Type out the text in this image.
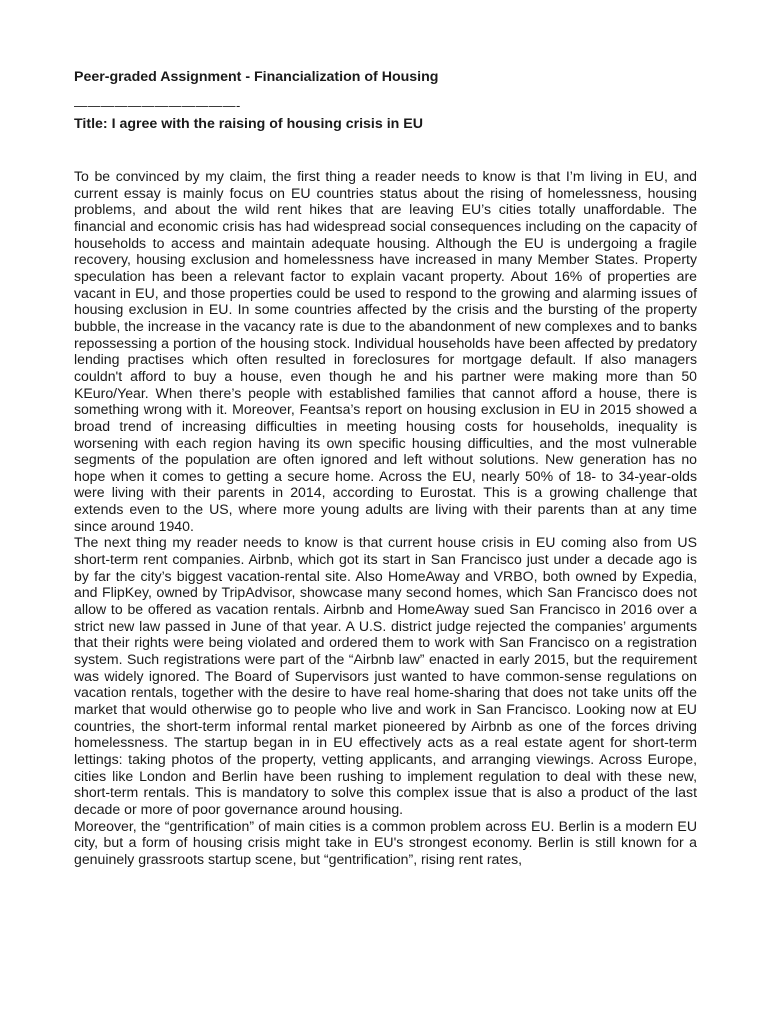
Peer-graded Assignment - Financialization of Housing
————————————-
Title: I agree with the raising of housing crisis in EU

To be convinced by my claim, the first thing a reader needs to know is that I’m living in EU, and current essay is mainly focus on EU countries status about the rising of homelessness, housing problems, and about the wild rent hikes that are leaving EU’s cities totally unaffordable. The financial and economic crisis has had widespread social consequences including on the capacity of households to access and maintain adequate housing. Although the EU is undergoing a fragile recovery, housing exclusion and homelessness have increased in many Member States. Property speculation has been a relevant factor to explain vacant property. About 16% of properties are vacant in EU, and those properties could be used to respond to the growing and alarming issues of housing exclusion in EU. In some countries affected by the crisis and the bursting of the property bubble, the increase in the vacancy rate is due to the abandonment of new complexes and to banks repossessing a portion of the housing stock. Individual households have been affected by predatory lending practises which often resulted in foreclosures for mortgage default. If also managers couldn't afford to buy a house, even though he and his partner were making more than 50 KEuro/Year. When there’s people with established families that cannot afford a house, there is something wrong with it. Moreover, Feantsa’s report on housing exclusion in EU in 2015 showed a broad trend of increasing difficulties in meeting housing costs for households, inequality is worsening with each region having its own specific housing difficulties, and the most vulnerable segments of the population are often ignored and left without solutions. New generation has no hope when it comes to getting a secure home. Across the EU, nearly 50% of 18- to 34-year-olds were living with their parents in 2014, according to Eurostat. This is a growing challenge that extends even to the US, where more young adults are living with their parents than at any time since around 1940.

The next thing my reader needs to know is that current house crisis in EU coming also from US short-term rent companies. Airbnb, which got its start in San Francisco just under a decade ago is by far the city’s biggest vacation-rental site. Also HomeAway and VRBO, both owned by Expedia, and FlipKey, owned by TripAdvisor, showcase many second homes, which San Francisco does not allow to be offered as vacation rentals. Airbnb and HomeAway sued San Francisco in 2016 over a strict new law passed in June of that year. A U.S. district judge rejected the companies’ arguments that their rights were being violated and ordered them to work with San Francisco on a registration system. Such registrations were part of the “Airbnb law” enacted in early 2015, but the requirement was widely ignored. The Board of Supervisors just wanted to have common-sense regulations on vacation rentals, together with the desire to have real home-sharing that does not take units off the market that would otherwise go to people who live and work in San Francisco. Looking now at EU countries, the short-term informal rental market pioneered by Airbnb as one of the forces driving homelessness. The startup began in in EU effectively acts as a real estate agent for short-term lettings: taking photos of the property, vetting applicants, and arranging viewings. Across Europe, cities like London and Berlin have been rushing to implement regulation to deal with these new, short-term rentals. This is mandatory to solve this complex issue that is also a product of the last decade or more of poor governance around housing.

Moreover, the “gentrification” of main cities is a common problem across EU. Berlin is a modern EU city, but a form of housing crisis might take in EU's strongest economy. Berlin is still known for a genuinely grassroots startup scene, but “gentrification”, rising rent rates,
